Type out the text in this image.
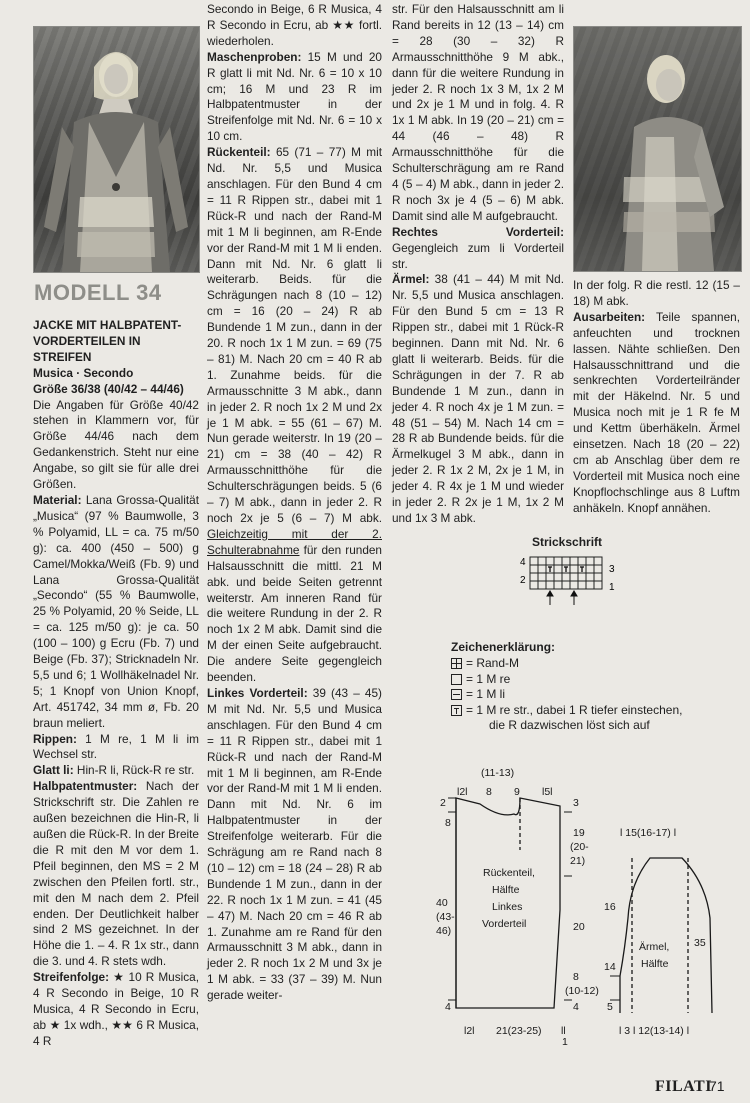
MODELL 34
JACKE MIT HALBPATENT-
VORDERTEILEN IN STREIFEN
Musica · Secondo

Größe 36/38 (40/42 – 44/46)

Die Angaben für Größe 40/42 stehen in Klammern vor, für Größe 44/46 nach dem Gedankenstrich. Steht nur eine Angabe, so gilt sie für alle drei Größen.

Material: Lana Grossa-Qualität „Musica“ (97 % Baumwolle, 3 % Polyamid, LL = ca. 75 m/50 g): ca. 400 (450 – 500) g Camel/Mokka/Weiß (Fb. 9) und Lana Grossa-Qualität „Secondo“ (55 % Baumwolle, 25 % Polyamid, 20 % Seide, LL = ca. 125 m/50 g): je ca. 50 (100 – 100) g Ecru (Fb. 7) und Beige (Fb. 37); Stricknadeln Nr. 5,5 und 6; 1 Wollhäkelnadel Nr. 5; 1 Knopf von Union Knopf, Art. 451742, 34 mm ø, Fb. 20 braun meliert.

Rippen: 1 M re, 1 M li im Wechsel str.

Glatt li: Hin-R li, Rück-R re str.

Halbpatentmuster: Nach der Strickschrift str. Die Zahlen re außen bezeichnen die Hin-R, li außen die Rück-R. In der Breite die R mit den M vor dem 1. Pfeil beginnen, den MS = 2 M zwischen den Pfeilen fortl. str., mit den M nach dem 2. Pfeil enden. Der Deutlichkeit halber sind 2 MS gezeichnet. In der Höhe die 1. – 4. R 1x str., dann die 3. und 4. R stets wdh.

Streifenfolge: ★ 10 R Musica, 4 R Secondo in Beige, 10 R Musica, 4 R Secondo in Ecru, ab ★ 1x wdh., ★★ 6 R Musica, 4 R

Secondo in Beige, 6 R Musica, 4 R Secondo in Ecru, ab ★★ fortl. wiederholen.

Maschenproben: 15 M und 20 R glatt li mit Nd. Nr. 6 = 10 x 10 cm; 16 M und 23 R im Halbpatentmuster in der Streifenfolge mit Nd. Nr. 6 = 10 x 10 cm.

Rückenteil: 65 (71 – 77) M mit Nd. Nr. 5,5 und Musica anschlagen. Für den Bund 4 cm = 11 R Rippen str., dabei mit 1 Rück-R und nach der Rand-M mit 1 M li beginnen, am R-Ende vor der Rand-M mit 1 M li enden. Dann mit Nd. Nr. 6 glatt li weiterarb. Beids. für die Schrägungen nach 8 (10 – 12) cm = 16 (20 – 24) R ab Bundende 1 M zun., dann in der 20. R noch 1x 1 M zun. = 69 (75 – 81) M. Nach 20 cm = 40 R ab 1. Zunahme beids. für die Armausschnitte 3 M abk., dann in jeder 2. R noch 1x 2 M und 2x je 1 M abk. = 55 (61 – 67) M. Nun gerade weiterstr. In 19 (20 – 21) cm = 38 (40 – 42) R Armausschnitthöhe für die Schulterschrägungen beids. 5 (6 – 7) M abk., dann in jeder 2. R noch 2x je 5 (6 – 7) M abk. Gleichzeitig mit der 2. Schulterabnahme für den runden Halsausschnitt die mittl. 21 M abk. und beide Seiten getrennt weiterstr. Am inneren Rand für die weitere Rundung in der 2. R noch 1x 2 M abk. Damit sind die M der einen Seite aufgebraucht. Die andere Seite gegengleich beenden.

Linkes Vorderteil: 39 (43 – 45) M mit Nd. Nr. 5,5 und Musica anschlagen. Für den Bund 4 cm = 11 R Rippen str., dabei mit 1 Rück-R und nach der Rand-M mit 1 M li beginnen, am R-Ende vor der Rand-M mit 1 M li enden. Dann mit Nd. Nr. 6 im Halbpatentmuster in der Streifenfolge weiterarb. Für die Schrägung am re Rand nach 8 (10 – 12) cm = 18 (24 – 28) R ab Bundende 1 M zun., dann in der 22. R noch 1x 1 M zun. = 41 (45 – 47) M. Nach 20 cm = 46 R ab 1. Zunahme am re Rand für den Armausschnitt 3 M abk., dann in jeder 2. R noch 1x 2 M und 3x je 1 M abk. = 33 (37 – 39) M. Nun gerade weiter-

str. Für den Halsausschnitt am li Rand bereits in 12 (13 – 14) cm = 28 (30 – 32) R Armausschnitthöhe 9 M abk., dann für die weitere Rundung in jeder 2. R noch 1x 3 M, 1x 2 M und 2x je 1 M und in folg. 4. R 1x 1 M abk. In 19 (20 – 21) cm = 44 (46 – 48) R Armausschnitthöhe für die Schulterschrägung am re Rand 4 (5 – 4) M abk., dann in jeder 2. R noch 3x je 4 (5 – 6) M abk. Damit sind alle M aufgebraucht.

Rechtes Vorderteil: Gegengleich zum li Vorderteil str.

Ärmel: 38 (41 – 44) M mit Nd. Nr. 5,5 und Musica anschlagen. Für den Bund 5 cm = 13 R Rippen str., dabei mit 1 Rück-R beginnen. Dann mit Nd. Nr. 6 glatt li weiterarb. Beids. für die Schrägungen in der 7. R ab Bundende 1 M zun., dann in jeder 4. R noch 4x je 1 M zun. = 48 (51 – 54) M. Nach 14 cm = 28 R ab Bundende beids. für die Ärmelkugel 3 M abk., dann in jeder 2. R 1x 2 M, 2x je 1 M, in jeder 4. R 4x je 1 M und wieder in jeder 2. R 2x je 1 M, 1x 2 M und 1x 3 M abk.

In der folg. R die restl. 12 (15 – 18) M abk.

Ausarbeiten: Teile spannen, anfeuchten und trocknen lassen. Nähte schließen. Den Halsausschnittrand und die senkrechten Vorderteilränder mit der Häkelnd. Nr. 5 und Musica noch mit je 1 R fe M und Kettm überhäkeln. Ärmel einsetzen. Nach 18 (20 – 22) cm ab Anschlag über dem re Vorderteil mit Musica noch eine Knopflochschlinge aus 8 Luftm anhäkeln. Knopf annähen.

Strickschrift
4
2
3
1
Zeichenerklärung:
= Rand-M
= 1 M re
= 1 M li
= 1 M re str., dabei 1 R tiefer einstechen,
die R dazwischen löst sich auf
(11-13)
l2l 8 9 l5l
2
8
40
(43-
46)
4
3
19
(20-
21)
20
8
(10-12)
4
Rückenteil,
Hälfte
Linkes
Vorderteil
l2l 21(23-25) ll
1
l 15(16-17) l
16
14
5
35
Ärmel,
Hälfte
l 3 l 12(13-14) l
FILATI
71
